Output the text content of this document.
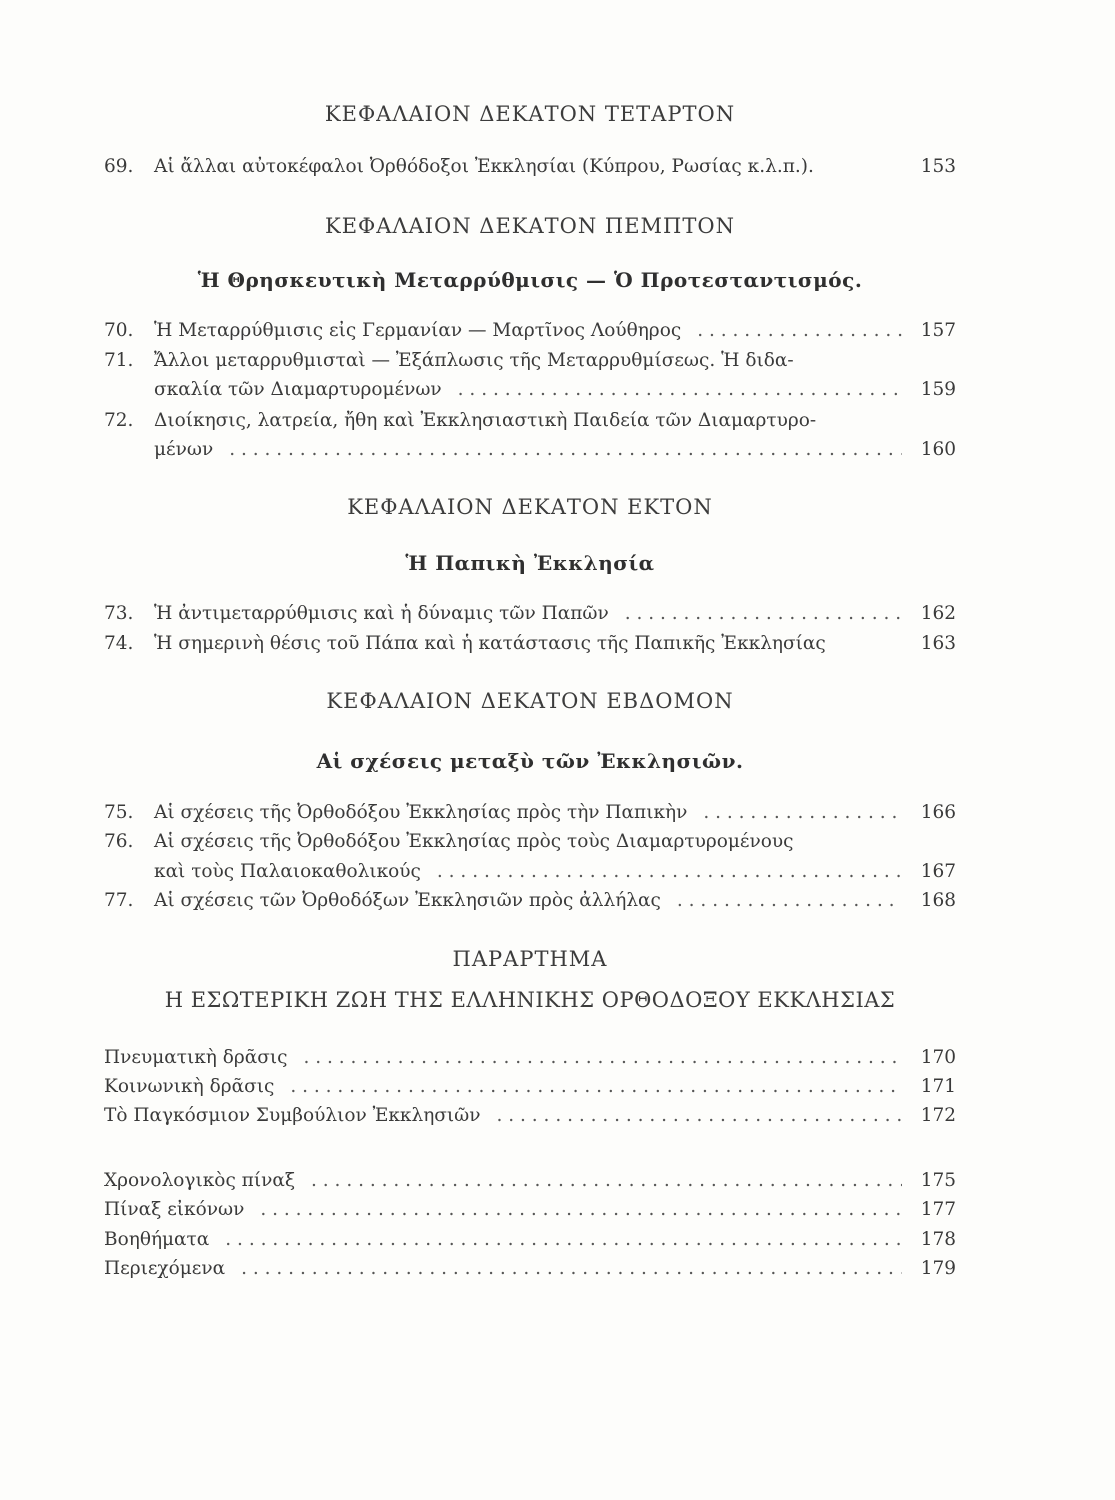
ΚΕΦΑΛΑΙΟΝ ΔΕΚΑΤΟΝ ΤΕΤΑΡΤΟΝ
69.	Αἱ ἄλλαι αὐτοκέφαλοι Ὀρθόδοξοι Ἐκκλησίαι (Κύπρου, Ρωσίας κ.λ.π.).	153
ΚΕΦΑΛΑΙΟΝ ΔΕΚΑΤΟΝ ΠΕΜΠΤΟΝ
Ἡ Θρησκευτικὴ Μεταρρύθμισις — Ὁ Προτεσταντισμός.
70.	Ἡ Μεταρρύθμισις εἰς Γερμανίαν — Μαρτῖνος Λούθηρος . . .	157
71.	Ἄλλοι μεταρρυθμισταὶ — Ἐξάπλωσις τῆς Μεταρρυθμίσεως. Ἡ διδα-
σκαλία τῶν Διαμαρτυρομένων . . .	159
72.	Διοίκησις, λατρεία, ἤθη καὶ Ἐκκλησιαστικὴ Παιδεία τῶν Διαμαρτυρο-
μένων . . .	160
ΚΕΦΑΛΑΙΟΝ ΔΕΚΑΤΟΝ ΕΚΤΟΝ
Ἡ Παπικὴ Ἐκκλησία
73.	Ἡ ἀντιμεταρρύθμισις καὶ ἡ δύναμις τῶν Παπῶν . . .	162
74.	Ἡ σημερινὴ θέσις τοῦ Πάπα καὶ ἡ κατάστασις τῆς Παπικῆς Ἐκκλησίας	163
ΚΕΦΑΛΑΙΟΝ ΔΕΚΑΤΟΝ ΕΒΔΟΜΟΝ
Αἱ σχέσεις μεταξὺ τῶν Ἐκκλησιῶν.
75.	Αἱ σχέσεις τῆς Ὀρθοδόξου Ἐκκλησίας πρὸς τὴν Παπικὴν . . .	166
76.	Αἱ σχέσεις τῆς Ὀρθοδόξου Ἐκκλησίας πρὸς τοὺς Διαμαρτυρομένους
καὶ τοὺς Παλαιοκαθολικούς . . .	167
77.	Αἱ σχέσεις τῶν Ὀρθοδόξων Ἐκκλησιῶν πρὸς ἀλλήλας . . .	168
ΠΑΡΑΡΤΗΜΑ
Η ΕΣΩΤΕΡΙΚΗ ΖΩΗ ΤΗΣ ΕΛΛΗΝΙΚΗΣ ΟΡΘΟΔΟΞΟΥ ΕΚΚΛΗΣΙΑΣ
Πνευματικὴ δρᾶσις . . .	170
Κοινωνικὴ δρᾶσις . . .	171
Τὸ Παγκόσμιον Συμβούλιον Ἐκκλησιῶν . . .	172
Χρονολογικὸς πίναξ . . .	175
Πίναξ εἰκόνων . . .	177
Βοηθήματα . . .	178
Περιεχόμενα . . .	179
